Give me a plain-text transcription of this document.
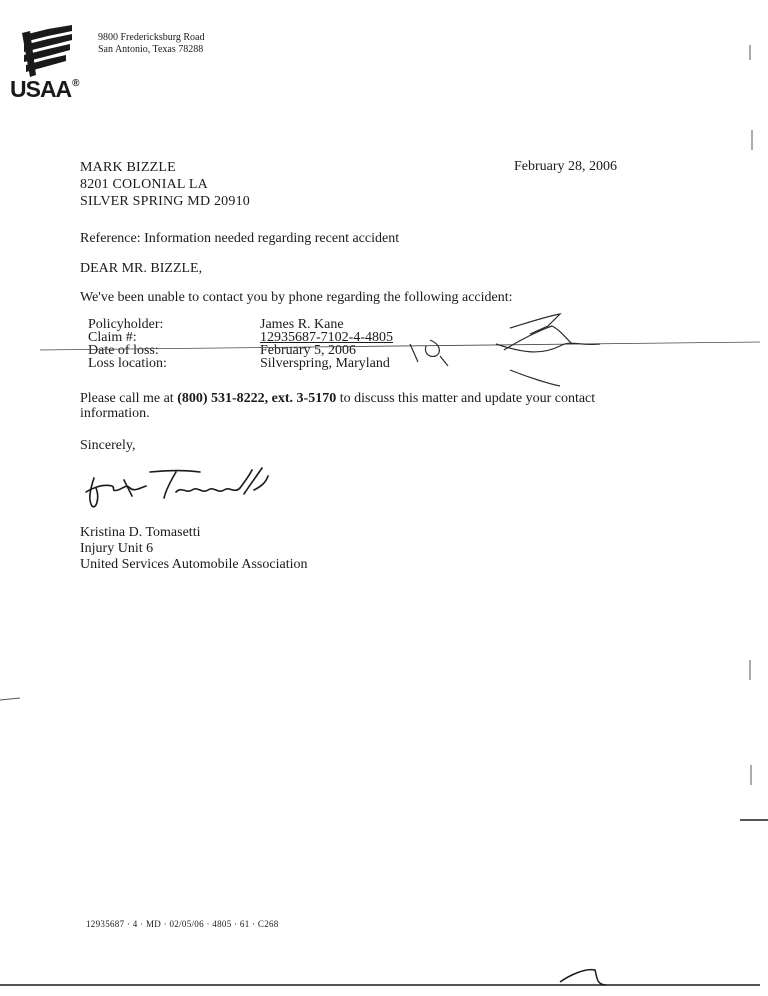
USAA®
9800 Fredericksburg Road
San Antonio, Texas 78288
MARK BIZZLE
8201 COLONIAL LA
SILVER SPRING MD 20910
February 28, 2006
Reference: Information needed regarding recent accident
DEAR MR. BIZZLE,
We've been unable to contact you by phone regarding the following accident:
Policyholder:	James R. Kane
Claim #:	12935687-7102-4-4805
Date of loss:	February 5, 2006
Loss location:	Silverspring, Maryland
Please call me at (800) 531-8222, ext. 3-5170 to discuss this matter and update your contact information.
Sincerely,
Kristina D. Tomasetti
Injury Unit 6
United Services Automobile Association
12935687 · 4 · MD · 02/05/06 · 4805 · 61 · C268
